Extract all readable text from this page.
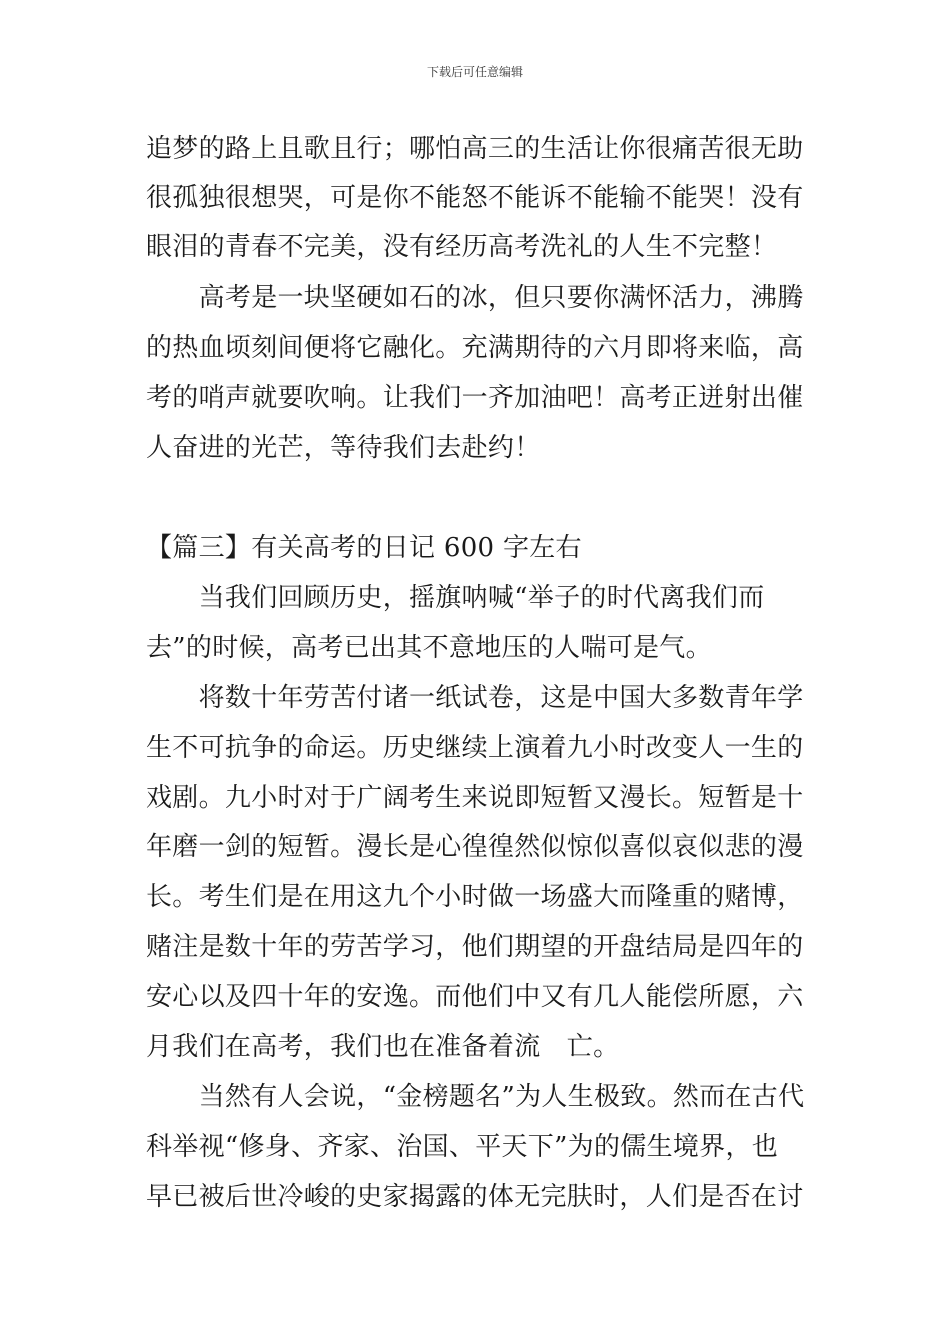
下载后可任意编辑
追梦的路上且歌且行；哪怕高三的生活让你很痛苦很无助
很孤独很想哭，可是你不能怒不能诉不能输不能哭！没有
眼泪的青春不完美，没有经历高考洗礼的人生不完整！
　　高考是一块坚硬如石的冰，但只要你满怀活力，沸腾
的热血顷刻间便将它融化。充满期待的六月即将来临，高
考的哨声就要吹响。让我们一齐加油吧！高考正迸射出催
人奋进的光芒，等待我们去赴约！
【篇三】有关高考的日记 600 字左右
　　当我们回顾历史，摇旗呐喊“举子的时代离我们而
去”的时候，高考已出其不意地压的人喘可是气。
　　将数十年劳苦付诸一纸试卷，这是中国大多数青年学
生不可抗争的命运。历史继续上演着九小时改变人一生的
戏剧。九小时对于广阔考生来说即短暂又漫长。短暂是十
年磨一剑的短暂。漫长是心徨徨然似惊似喜似哀似悲的漫
长。考生们是在用这九个小时做一场盛大而隆重的赌博，
赌注是数十年的劳苦学习，他们期望的开盘结局是四年的
安心以及四十年的安逸。而他们中又有几人能偿所愿，六
月我们在高考，我们也在准备着流　亡。
　　当然有人会说，“金榜题名”为人生极致。然而在古代
科举视“修身、齐家、治国、平天下”为的儒生境界，也
早已被后世冷峻的史家揭露的体无完肤时，人们是否在讨
